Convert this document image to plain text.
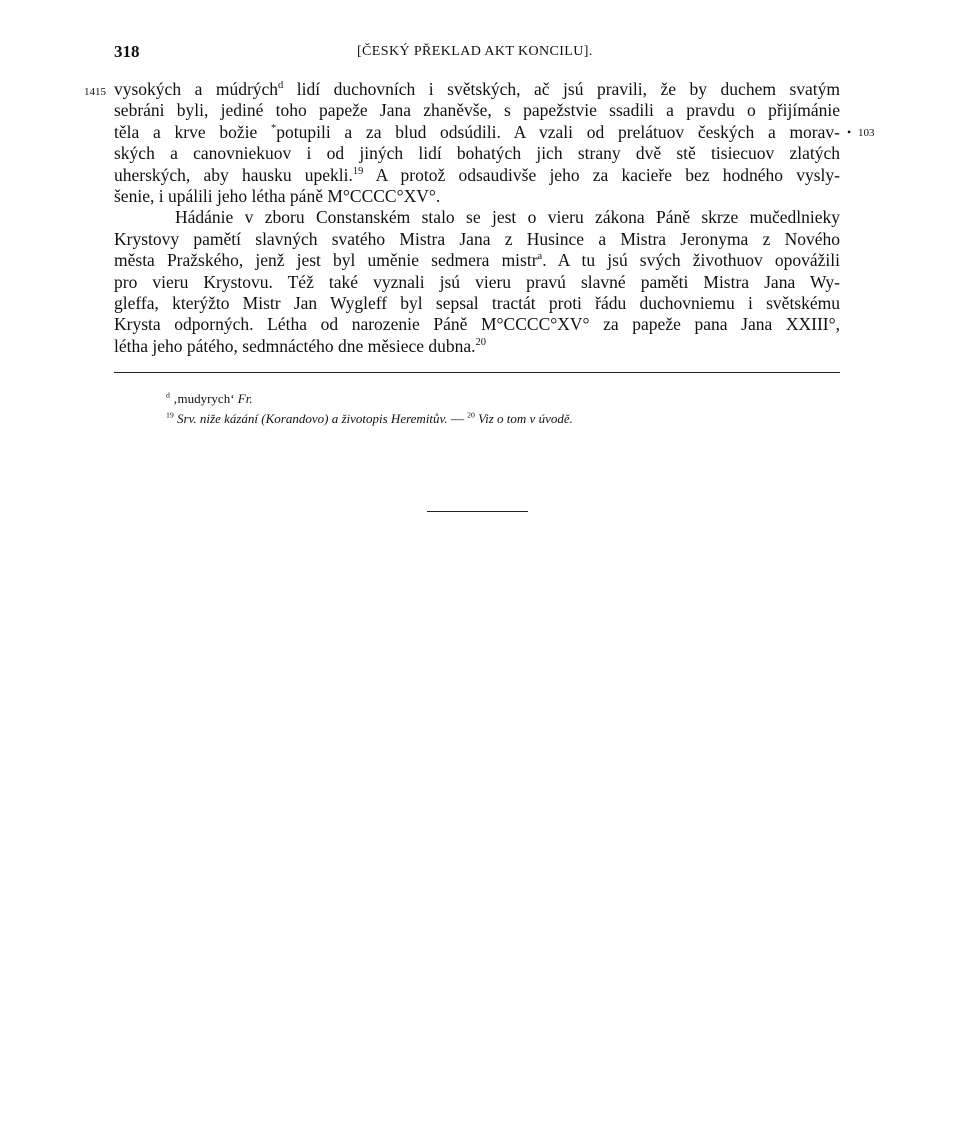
318	[ČESKÝ PŘEKLAD AKT KONCILU].
1415
• 103
vysokých a múdrých$^d$ lidí duchovních i světských, ač jsú pravili, že by duchem svatým
sebráni byli, jediné toho papeže Jana zhaněvše, s papežstvie ssadili a pravdu o přijímánie
těla a krve božie *potupili a za blud odsúdili. A vzali od prelátuov českých a morav-
ských a canovniekuov i od jiných lidí bohatých jich strany dvě stě tisiecuov zlatých
uherských, aby hausku upekli.$^{19}$ A protož odsaudivše jeho za kacieře bez hodného vysly-
šenie, i upálili jeho létha páně M°CCCC°XV°.
Hádánie v zboru Constanském stalo se jest o vieru zákona Páně skrze mučedlnieky
Krystovy pamětí slavných svatého Mistra Jana z Husince a Mistra Jeronyma z Nového
města Pražského, jenž jest byl uměnie sedmera mistr$^a$. A tu jsú svých živothuov opovážili
pro vieru Krystovu. Též také vyznali jsú vieru pravú slavné paměti Mistra Jana Wy-
gleffa, kterýžto Mistr Jan Wygleff byl sepsal tractát proti řádu duchovniemu i světskému
Krysta odporných. Létha od narozenie Páně M°CCCC°XV° za papeže pana Jana XXIII°,
létha jeho pátého, sedmnáctého dne měsiece dubna.$^{20}$
$^d$ ‚mudyrych‘ Fr.
$^{19}$ Srv. niže kázání (Korandovo) a životopis Heremitův. — $^{20}$ Viz o tom v úvodě.
